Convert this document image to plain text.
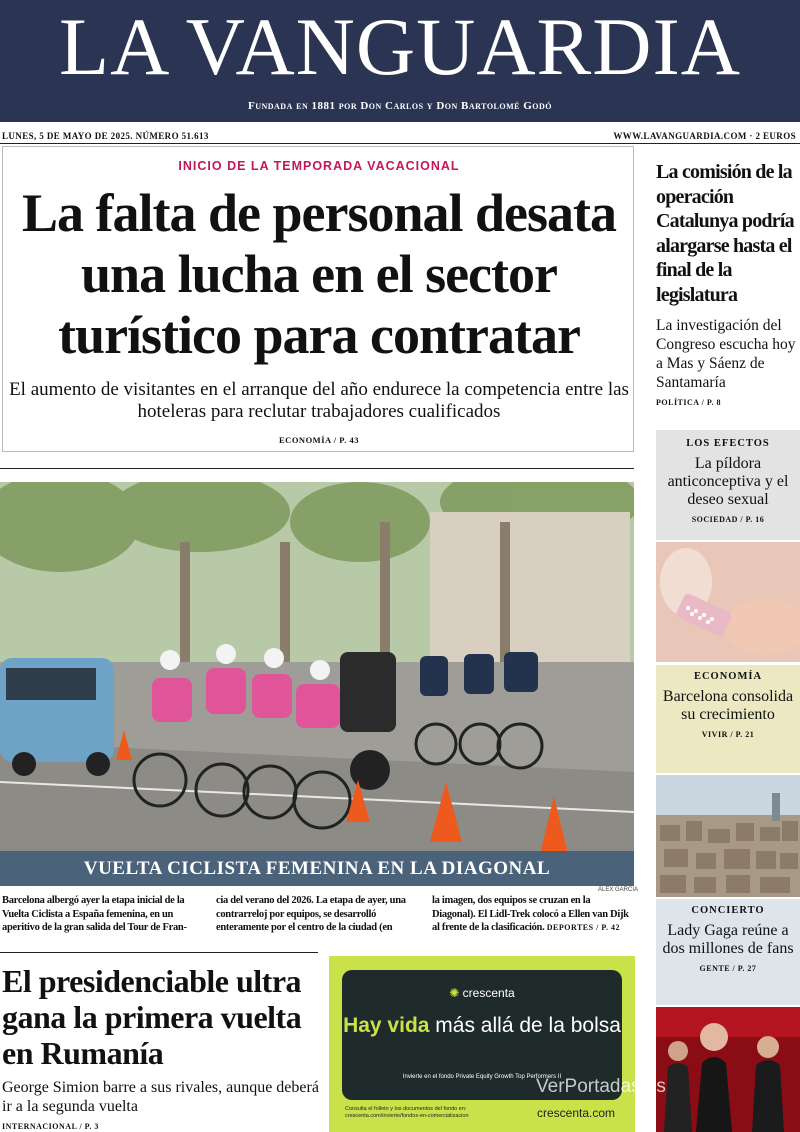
LA VANGUARDIA
Fundada en 1881 por Don Carlos y Don Bartolomé Godó
LUNES, 5 DE MAYO DE 2025. NÚMERO 51.613	WWW.LAVANGUARDIA.COM · 2 EUROS
INICIO DE LA TEMPORADA VACACIONAL
La falta de personal desata una lucha en el sector turístico para contratar
El aumento de visitantes en el arranque del año endurece la competencia entre las hoteleras para reclutar trabajadores cualificados
ECONOMÍA / P. 43
La comisión de la operación Catalunya podría alargarse hasta el final de la legislatura
La investigación del Congreso escucha hoy a Mas y Sáenz de Santamaría
POLÍTICA / P. 8
LOS EFECTOS
La píldora anticonceptiva y el deseo sexual
SOCIEDAD / P. 16
ECONOMÍA
Barcelona consolida su crecimiento
VIVIR / P. 21
CONCIERTO
Lady Gaga reúne a dos millones de fans
GENTE / P. 27
VUELTA CICLISTA FEMENINA EN LA DIAGONAL
ÀLEX GARCIA
Barcelona albergó ayer la etapa inicial de la Vuelta Ciclista a España femenina, en un aperitivo de la gran salida del Tour de Fran-
cia del verano del 2026. La etapa de ayer, una contrarreloj por equipos, se desarrolló enteramente por el centro de la ciudad (en
la imagen, dos equipos se cruzan en la Diagonal). El Lidl-Trek colocó a Ellen van Dijk al frente de la clasificación. DEPORTES / P. 42
El presidenciable ultra gana la primera vuelta en Rumanía
George Simion barre a sus rivales, aunque deberá ir a la segunda vuelta
INTERNACIONAL / P. 3
✺ crescenta
Hay vida más allá de la bolsa
Invierte en el fondo Private Equity Growth Top Performers II
Consulta el folleto y los documentos del fondo en:
crescenta.com/invierte/fondos-en-comercializacion	crescenta.com
VerPortadas.es
